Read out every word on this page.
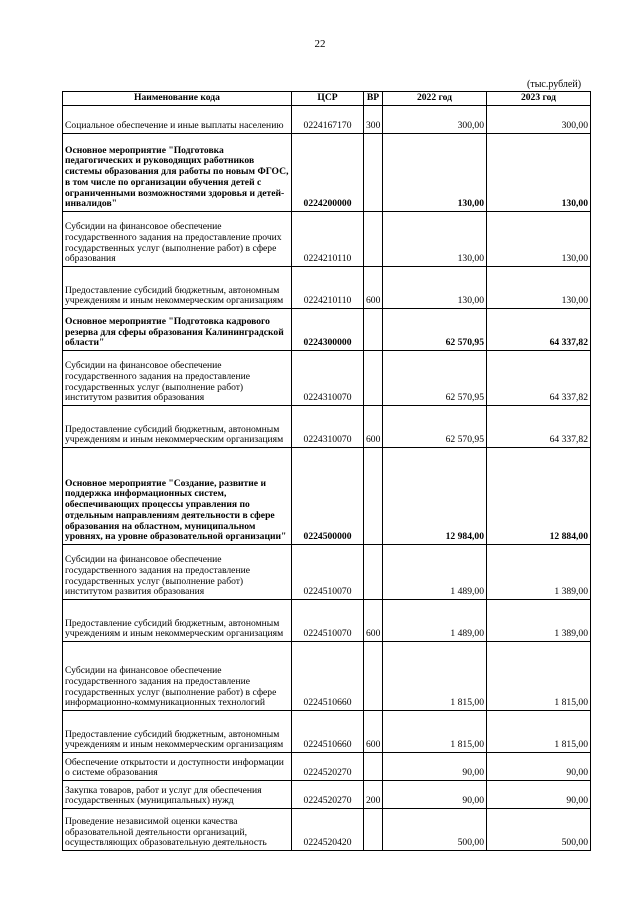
22
(тыс.рублей)
Наименование кода	ЦСР	ВР	2022 год	2023 год
Социальное обеспечение и иные выплаты населению	0224167170	300	300,00	300,00
Основное мероприятие "Подготовка педагогических и руководящих работников системы образования для работы по новым ФГОС, в том числе по организации обучения детей с ограниченными возможностями здоровья и детей-инвалидов"	0224200000		130,00	130,00
Субсидии на финансовое обеспечение государственного задания на предоставление прочих государственных услуг (выполнение работ) в сфере образования	0224210110		130,00	130,00
Предоставление субсидий бюджетным, автономным учреждениям и иным некоммерческим организациям	0224210110	600	130,00	130,00
Основное мероприятие "Подготовка кадрового резерва для сферы образования Калининградской области"	0224300000		62 570,95	64 337,82
Субсидии на финансовое обеспечение государственного задания на предоставление государственных услуг (выполнение работ) институтом развития образования	0224310070		62 570,95	64 337,82
Предоставление субсидий бюджетным, автономным учреждениям и иным некоммерческим организациям	0224310070	600	62 570,95	64 337,82
Основное мероприятие "Создание, развитие и поддержка информационных систем, обеспечивающих процессы управления по отдельным направлениям деятельности в сфере образования на областном, муниципальном уровнях, на уровне образовательной организации"	0224500000		12 984,00	12 884,00
Субсидии на финансовое обеспечение государственного задания на предоставление государственных услуг (выполнение работ) институтом развития образования	0224510070		1 489,00	1 389,00
Предоставление субсидий бюджетным, автономным учреждениям и иным некоммерческим организациям	0224510070	600	1 489,00	1 389,00
Субсидии на финансовое обеспечение государственного задания на предоставление государственных услуг (выполнение работ) в сфере информационно-коммуникационных технологий	0224510660		1 815,00	1 815,00
Предоставление субсидий бюджетным, автономным учреждениям и иным некоммерческим организациям	0224510660	600	1 815,00	1 815,00
Обеспечение открытости и доступности информации о системе образования	0224520270		90,00	90,00
Закупка товаров, работ и услуг для обеспечения государственных (муниципальных) нужд	0224520270	200	90,00	90,00
Проведение независимой оценки качества образовательной деятельности организаций, осуществляющих образовательную деятельность	0224520420		500,00	500,00
